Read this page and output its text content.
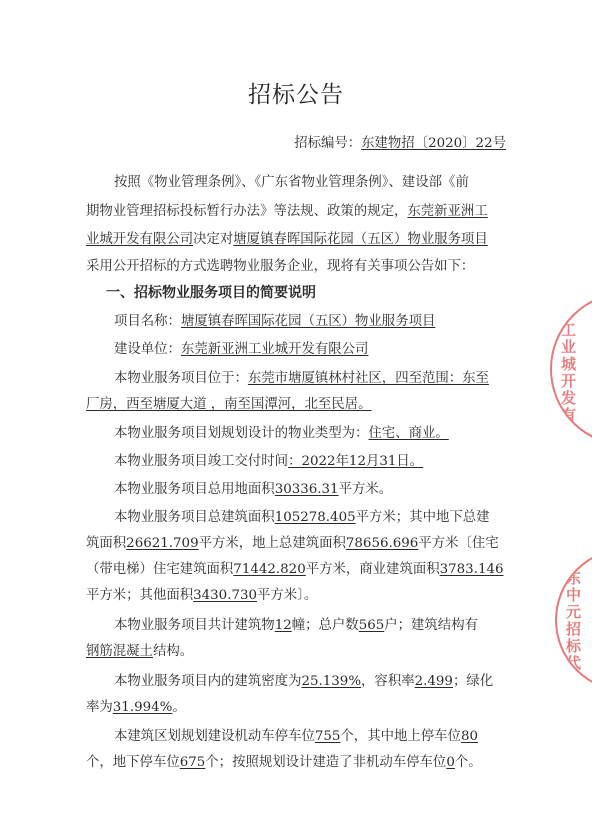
招标公告
招标编号：东建物招〔2020〕22号
按照《物业管理条例》、《广东省物业管理条例》、建设部《前
期物业管理招标投标暂行办法》等法规、政策的规定，东莞新亚洲工
业城开发有限公司决定对塘厦镇春晖国际花园（五区）物业服务项目
采用公开招标的方式选聘物业服务企业，现将有关事项公告如下：
一、招标物业服务项目的简要说明
项目名称：塘厦镇春晖国际花园（五区）物业服务项目
建设单位：东莞新亚洲工业城开发有限公司
本物业服务项目位于：东莞市塘厦镇林村社区，四至范围：东至
厂房，西至塘厦大道 ，南至国潭河，北至民居。
本物业服务项目划规划设计的物业类型为：住宅、商业。
本物业服务项目竣工交付时间：2022年12月31日。
本物业服务项目总用地面积30336.31平方米。
本物业服务项目总建筑面积105278.405平方米；其中地下总建
筑面积26621.709平方米，地上总建筑面积78656.696平方米〔住宅
（带电梯）住宅建筑面积71442.820平方米，商业建筑面积3783.146
平方米；其他面积3430.730平方米〕。
本物业服务项目共计建筑物12幢；总户数565户；建筑结构有
钢筋混凝土结构。
本物业服务项目内的建筑密度为25.139%，容积率2.499；绿化
率为31.994%。
本建筑区划规划建设机动车停车位755个，其中地上停车位80
个，地下停车位675个；按照规划设计建造了非机动车停车位0个。
工业城开发有限
东中元招标代
